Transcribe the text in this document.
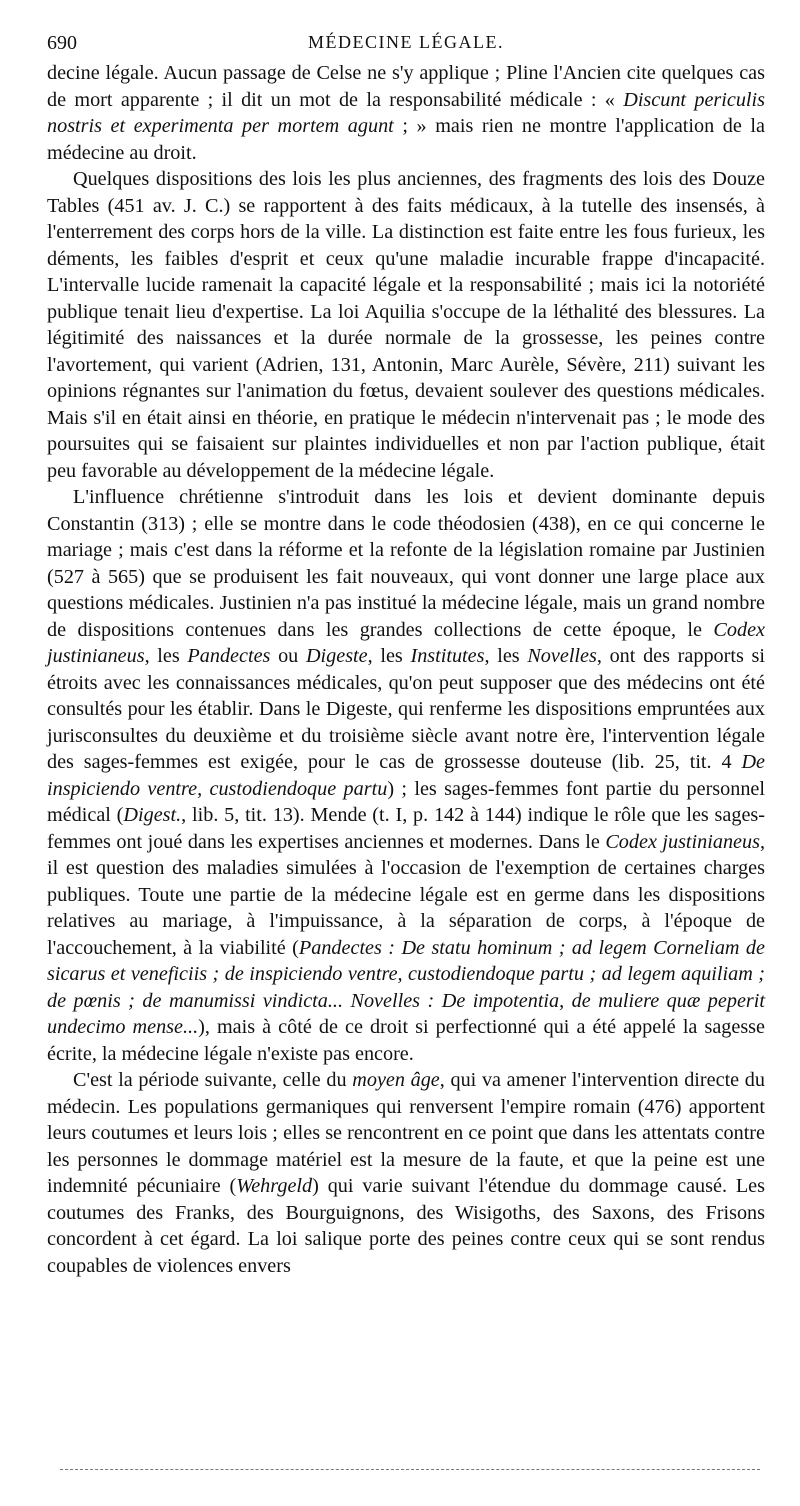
690	MÉDECINE LÉGALE.

decine légale. Aucun passage de Celse ne s'y applique ; Pline l'Ancien cite quelques cas de mort apparente ; il dit un mot de la responsabilité médicale : « Discunt periculis nostris et experimenta per mortem agunt ; » mais rien ne montre l'application de la médecine au droit.

Quelques dispositions des lois les plus anciennes, des fragments des lois des Douze Tables (451 av. J. C.) se rapportent à des faits médicaux, à la tutelle des insensés, à l'enterrement des corps hors de la ville. La distinction est faite entre les fous furieux, les déments, les faibles d'esprit et ceux qu'une maladie incurable frappe d'incapacité. L'intervalle lucide ramenait la capacité légale et la responsabilité ; mais ici la notoriété publique tenait lieu d'expertise. La loi Aquilia s'occupe de la léthalité des blessures. La légitimité des naissances et la durée normale de la grossesse, les peines contre l'avortement, qui varient (Adrien, 131, Antonin, Marc Aurèle, Sévère, 211) suivant les opinions régnantes sur l'animation du fœtus, devaient soulever des questions médicales. Mais s'il en était ainsi en théorie, en pratique le médecin n'intervenait pas ; le mode des poursuites qui se faisaient sur plaintes individuelles et non par l'action publique, était peu favorable au développement de la médecine légale.

L'influence chrétienne s'introduit dans les lois et devient dominante depuis Constantin (313) ; elle se montre dans le code théodosien (438), en ce qui concerne le mariage ; mais c'est dans la réforme et la refonte de la législation romaine par Justinien (527 à 565) que se produisent les fait nouveaux, qui vont donner une large place aux questions médicales. Justinien n'a pas institué la médecine légale, mais un grand nombre de dispositions contenues dans les grandes collections de cette époque, le Codex justinianeus, les Pandectes ou Digeste, les Institutes, les Novelles, ont des rapports si étroits avec les connaissances médicales, qu'on peut supposer que des médecins ont été consultés pour les établir. Dans le Digeste, qui renferme les dispositions empruntées aux jurisconsultes du deuxième et du troisième siècle avant notre ère, l'intervention légale des sages-femmes est exigée, pour le cas de grossesse douteuse (lib. 25, tit. 4 De inspiciendo ventre, custodiendoque partu) ; les sages-femmes font partie du personnel médical (Digest., lib. 5, tit. 13). Mende (t. I, p. 142 à 144) indique le rôle que les sages-femmes ont joué dans les expertises anciennes et modernes. Dans le Codex justinianeus, il est question des maladies simulées à l'occasion de l'exemption de certaines charges publiques. Toute une partie de la médecine légale est en germe dans les dispositions relatives au mariage, à l'impuissance, à la séparation de corps, à l'époque de l'accouchement, à la viabilité (Pandectes : De statu hominum ; ad legem Corneliam de sicarus et veneficiis ; de inspiciendo ventre, custodiendoque partu ; ad legem aquiliam ; de pœnis ; de manumissi vindicta... Novelles : De impotentia, de muliere quæ peperit undecimo mense...), mais à côté de ce droit si perfectionné qui a été appelé la sagesse écrite, la médecine légale n'existe pas encore.

C'est la période suivante, celle du moyen âge, qui va amener l'intervention directe du médecin. Les populations germaniques qui renversent l'empire romain (476) apportent leurs coutumes et leurs lois ; elles se rencontrent en ce point que dans les attentats contre les personnes le dommage matériel est la mesure de la faute, et que la peine est une indemnité pécuniaire (Wehrgeld) qui varie suivant l'étendue du dommage causé. Les coutumes des Franks, des Bourguignons, des Wisigoths, des Saxons, des Frisons concordent à cet égard. La loi salique porte des peines contre ceux qui se sont rendus coupables de violences envers
